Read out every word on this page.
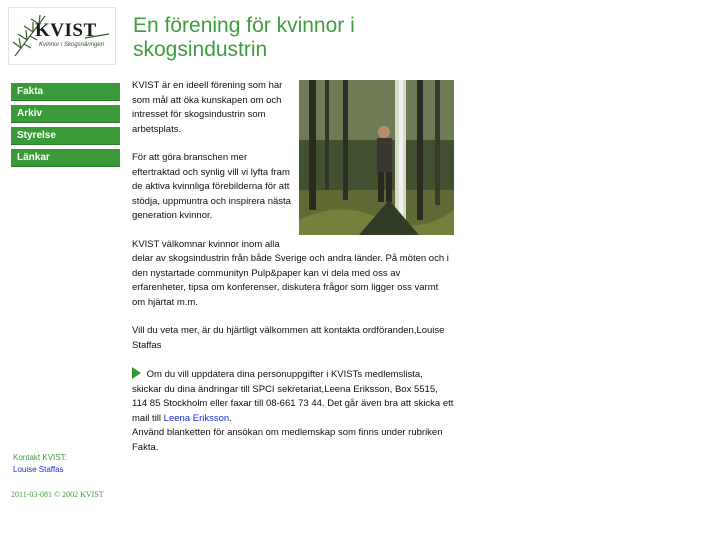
KVIST
Kvinnor i Skogsnäringen
En förening för kvinnor i skogsindustrin
Fakta
Arkiv
Styrelse
Länkar

KVIST är en ideell förening som har som mål att öka kunskapen om och intresset för skogsindustrin som arbetsplats.

För att göra branschen mer eftertraktad och synlig vill vi lyfta fram de aktiva kvinnliga förebilderna för att stödja, uppmuntra och inspirera nästa generation kvinnor.

KVIST välkomnar kvinnor inom alla delar av skogsindustrin från både Sverige och andra länder. På möten och i den nystartade communityn Pulp&paper kan vi dela med oss av erfarenheter, tipsa om konferenser, diskutera frågor som ligger oss varmt om hjärtat m.m.

Vill du veta mer, är du hjärtligt välkommen att kontakta ordföranden,Louise Staffas

Om du vill uppdatera dina personuppgifter i KVISTs medlemslista, skickar du dina ändringar till SPCI sekretariat,Leena Eriksson, Box 5515, 114 85 Stockholm eller faxar till 08-661 73 44. Det går även bra att skicka ett mail till Leena Eriksson.
Använd blanketten för ansökan om medlemskap som finns under rubriken Fakta.

Kontakt KVIST:
Louise Staffas
2011-03-081 © 2002 KVIST
